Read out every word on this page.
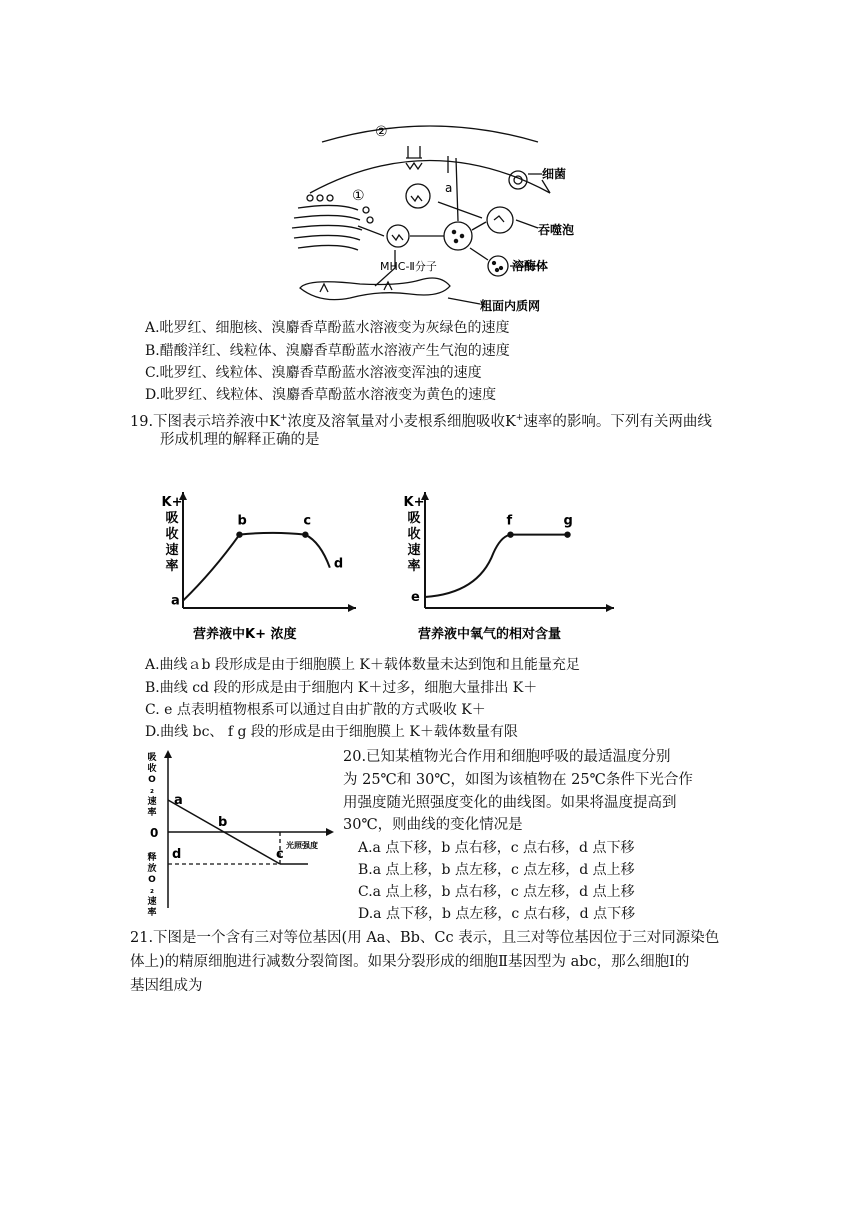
②
①	a
细菌
吞噬泡
MHC-Ⅱ分子	溶酶体
粗面内质网
A.吡罗红、细胞核、溴麝香草酚蓝水溶液变为灰绿色的速度
B.醋酸洋红、线粒体、溴麝香草酚蓝水溶液产生气泡的速度
C.吡罗红、线粒体、溴麝香草酚蓝水溶液变浑浊的速度
D.吡罗红、线粒体、溴麝香草酚蓝水溶液变为黄色的速度
19.下图表示培养液中K+浓度及溶氧量对小麦根系细胞吸收K+速率的影响。下列有关两曲线
形成机理的解释正确的是
营养液中K+ 浓度
K+
吸
收
速
率
a
b	c
d
营养液中氧气的相对含量
K+
吸
收
速
率
e
f	g
A.曲线ａb 段形成是由于细胞膜上 K＋载体数量未达到饱和且能量充足
B.曲线 cd 段的形成是由于细胞内 K＋过多，细胞大量排出 K＋
C. e 点表明植物根系可以通过自由扩散的方式吸收 K＋
D.曲线 bc、 f g 段的形成是由于细胞膜上 K＋载体数量有限
吸
收
O
₂
速
率
释
放
O
₂
速
率
0
光照强度
a
b
c
d
20.已知某植物光合作用和细胞呼吸的最适温度分别
为 25℃和 30℃，如图为该植物在 25℃条件下光合作
用强度随光照强度变化的曲线图。如果将温度提高到
30℃，则曲线的变化情况是
A.a 点下移，b 点右移，c 点右移，d 点下移
B.a 点上移，b 点左移，c 点左移，d 点上移
C.a 点上移，b 点右移，c 点左移，d 点上移
D.a 点下移，b 点左移，c 点右移，d 点下移
21.下图是一个含有三对等位基因(用 Aa、Bb、Cc 表示，且三对等位基因位于三对同源染色
体上)的精原细胞进行减数分裂简图。如果分裂形成的细胞Ⅱ基因型为 abc，那么细胞Ⅰ的
基因组成为
